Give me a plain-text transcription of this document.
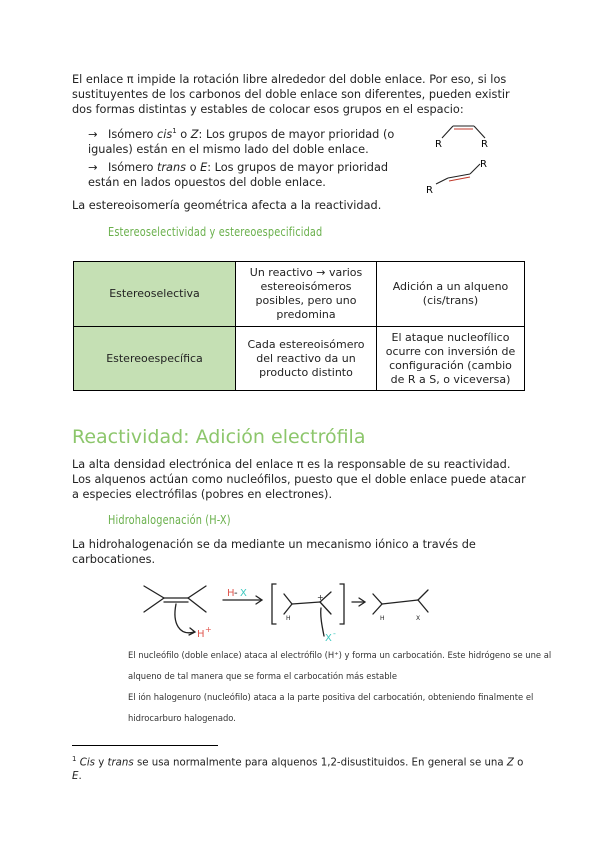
El enlace π impide la rotación libre alrededor del doble enlace. Por eso, si los sustituyentes de los carbonos del doble enlace son diferentes, pueden existir dos formas distintas y estables de colocar esos grupos en el espacio:
→ Isómero cis$^1$ o Z: Los grupos de mayor prioridad (o iguales) están en el mismo lado del doble enlace.
→ Isómero trans o E: Los grupos de mayor prioridad están en lados opuestos del doble enlace.
R	R
R
R
La estereoisomería geométrica afecta a la reactividad.
Estereoselectividad y estereoespecificidad
Estereoselectiva	Un reactivo → varios estereoisómeros posibles, pero uno predomina	Adición a un alqueno (cis/trans)
Estereoespecífica	Cada estereoisómero del reactivo da un producto distinto	El ataque nucleofílico ocurre con inversión de configuración (cambio de R a S, o viceversa)
Reactividad: Adición electrófila
La alta densidad electrónica del enlace π es la responsable de su reactividad. Los alquenos actúan como nucleófilos, puesto que el doble enlace puede atacar a especies electrófilas (pobres en electrones).
Hidrohalogenación (H-X)
La hidrohalogenación se da mediante un mecanismo iónico a través de carbocationes.
H - X
H +
H
+
X -
H	X
El nucleófilo (doble enlace) ataca al electrófilo (H⁺) y forma un carbocatión. Este hidrógeno se une al
alqueno de tal manera que se forma el carbocatión más estable
El ión halogenuro (nucleófilo) ataca a la parte positiva del carbocatión, obteniendo finalmente el
hidrocarburo halogenado.
$^1$ Cis y trans se usa normalmente para alquenos 1,2-disustituidos. En general se una Z o E.
